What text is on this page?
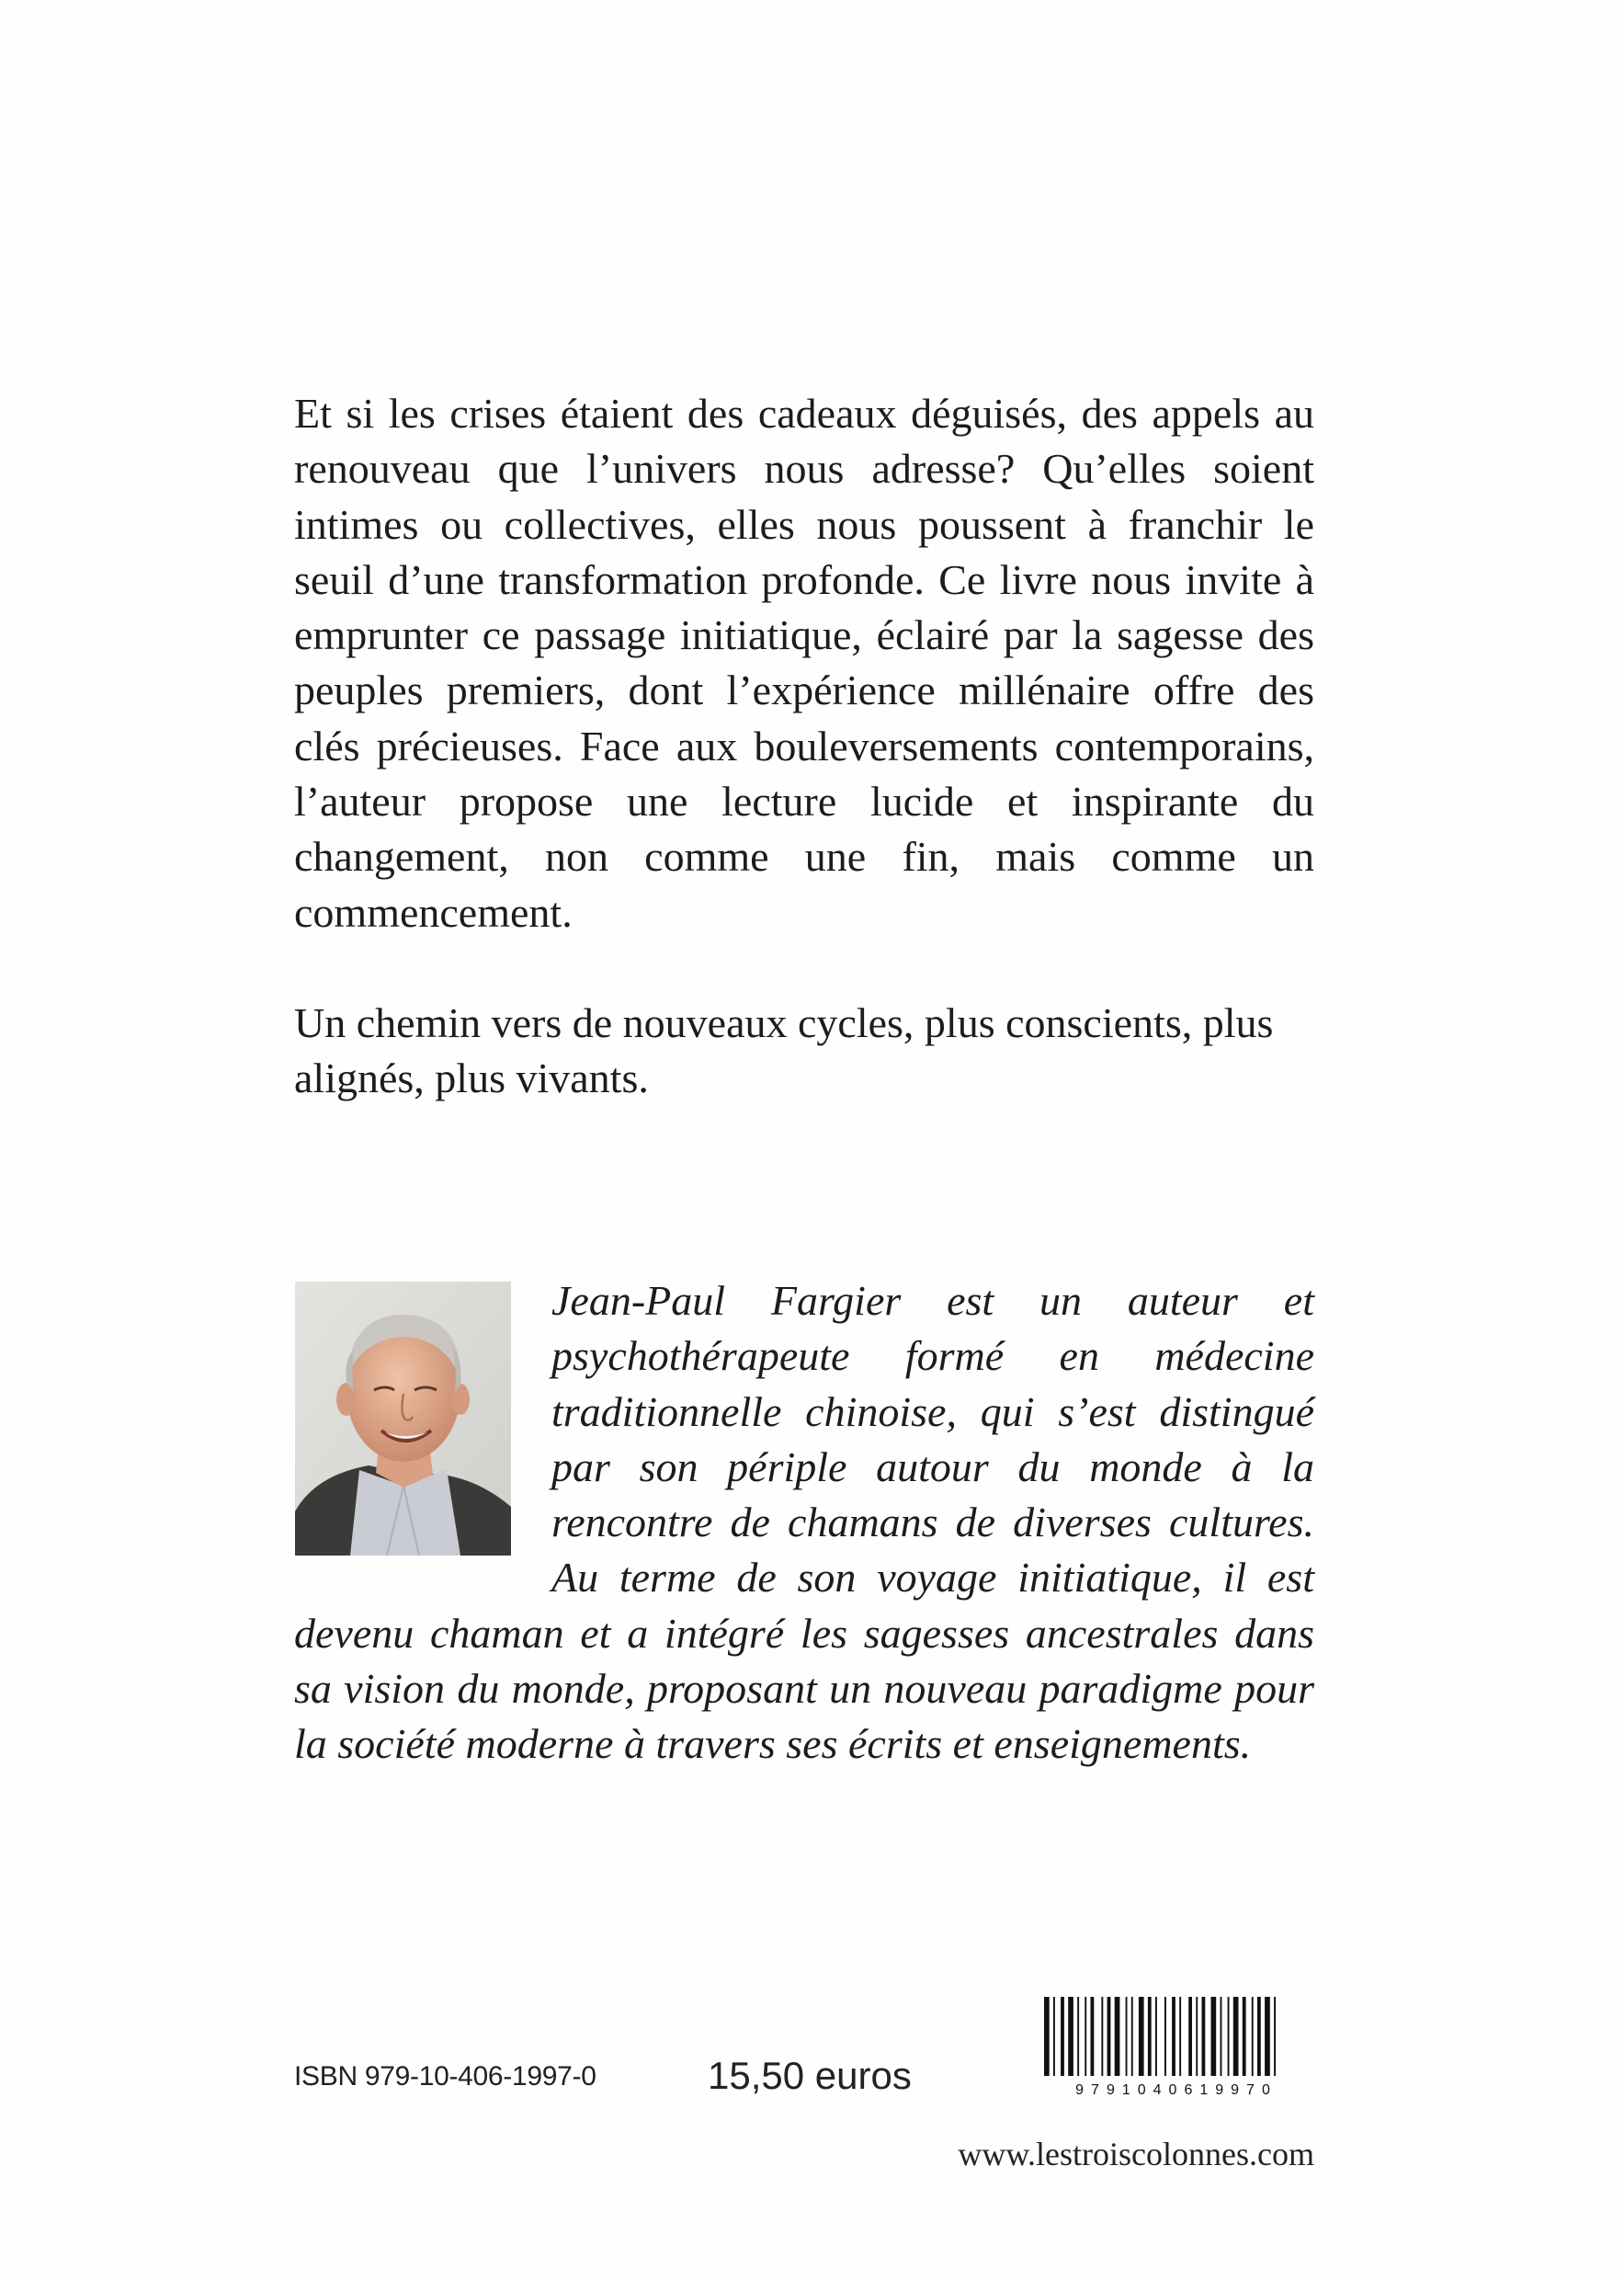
Et si les crises étaient des cadeaux déguisés, des appels au renouveau que l’univers nous adresse? Qu’elles soient intimes ou collectives, elles nous poussent à franchir le seuil d’une transformation profonde. Ce livre nous invite à emprunter ce passage initiatique, éclairé par la sagesse des peuples premiers, dont l’expérience millénaire offre des clés précieuses. Face aux bouleversements contemporains, l’auteur propose une lecture lucide et inspirante du changement, non comme une fin, mais comme un commencement.

Un chemin vers de nouveaux cycles, plus conscients, plus alignés, plus vivants.

Jean-Paul Fargier est un auteur et psychothérapeute formé en médecine traditionnelle chinoise, qui s’est distingué par son périple autour du monde à la rencontre de chamans de diverses cultures. Au terme de son voyage initiatique, il est devenu chaman et a intégré les sagesses ancestrales dans sa vision du monde, proposant un nouveau paradigme pour la société moderne à travers ses écrits et enseignements.
ISBN 979-10-406-1997-0	15,50 euros	9791040619970
www.lestroiscolonnes.com
